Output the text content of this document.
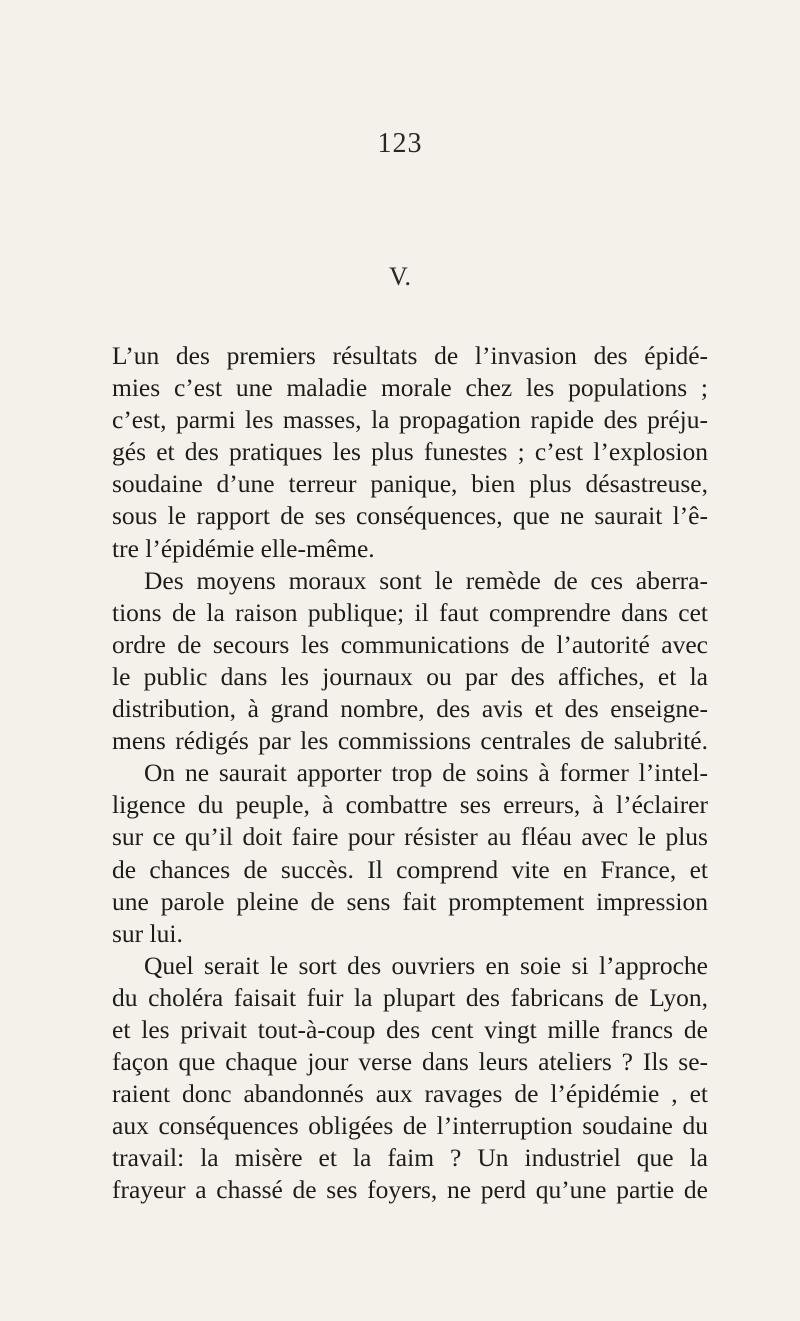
123
V.
L’un des premiers résultats de l’invasion des épidé-
mies c’est une maladie morale chez les populations ;
c’est, parmi les masses, la propagation rapide des préju-
gés et des pratiques les plus funestes ; c’est l’explosion
soudaine d’une terreur panique, bien plus désastreuse,
sous le rapport de ses conséquences, que ne saurait l’ê-
tre l’épidémie elle-même.
Des moyens moraux sont le remède de ces aberra-
tions de la raison publique; il faut comprendre dans cet
ordre de secours les communications de l’autorité avec
le public dans les journaux ou par des affiches, et la
distribution, à grand nombre, des avis et des enseigne-
mens rédigés par les commissions centrales de salubrité.
On ne saurait apporter trop de soins à former l’intel-
ligence du peuple, à combattre ses erreurs, à l’éclairer
sur ce qu’il doit faire pour résister au fléau avec le plus
de chances de succès. Il comprend vite en France, et
une parole pleine de sens fait promptement impression
sur lui.
Quel serait le sort des ouvriers en soie si l’approche
du choléra faisait fuir la plupart des fabricans de Lyon,
et les privait tout-à-coup des cent vingt mille francs de
façon que chaque jour verse dans leurs ateliers ? Ils se-
raient donc abandonnés aux ravages de l’épidémie , et
aux conséquences obligées de l’interruption soudaine du
travail: la misère et la faim ? Un industriel que la
frayeur a chassé de ses foyers, ne perd qu’une partie de
